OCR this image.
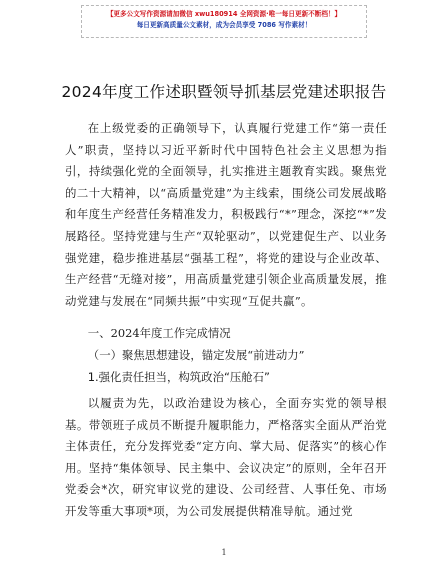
【更多公文写作资源请加微信 xwu180914 全网资源·唯一每日更新不断档！】
每日更新高质量公文素材，成为会员享受 7086 写作素材！
2024年度工作述职暨领导抓基层党建述职报告
在上级党委的正确领导下，认真履行党建工作“第一责任人”职责，坚持以习近平新时代中国特色社会主义思想为指引，持续强化党的全面领导，扎实推进主题教育实践。聚焦党的二十大精神，以“高质量党建”为主线索，围绕公司发展战略和年度生产经营任务精准发力，积极践行“*”理念，深挖“*”发展路径。坚持党建与生产“双轮驱动”，以党建促生产、以业务强党建，稳步推进基层“强基工程”，将党的建设与企业改革、生产经营“无缝对接”，用高质量党建引领企业高质量发展，推动党建与发展在“同频共振”中实现“互促共赢”。
一、2024年度工作完成情况
（一）聚焦思想建设，锚定发展“前进动力”
1.强化责任担当，构筑政治“压舱石”
以履责为先，以政治建设为核心，全面夯实党的领导根基。带领班子成员不断提升履职能力，严格落实全面从严治党主体责任，充分发挥党委“定方向、掌大局、促落实”的核心作用。坚持“集体领导、民主集中、会议决定”的原则，全年召开党委会*次，研究审议党的建设、公司经营、人事任免、市场开发等重大事项*项，为公司发展提供精准导航。通过党
1
